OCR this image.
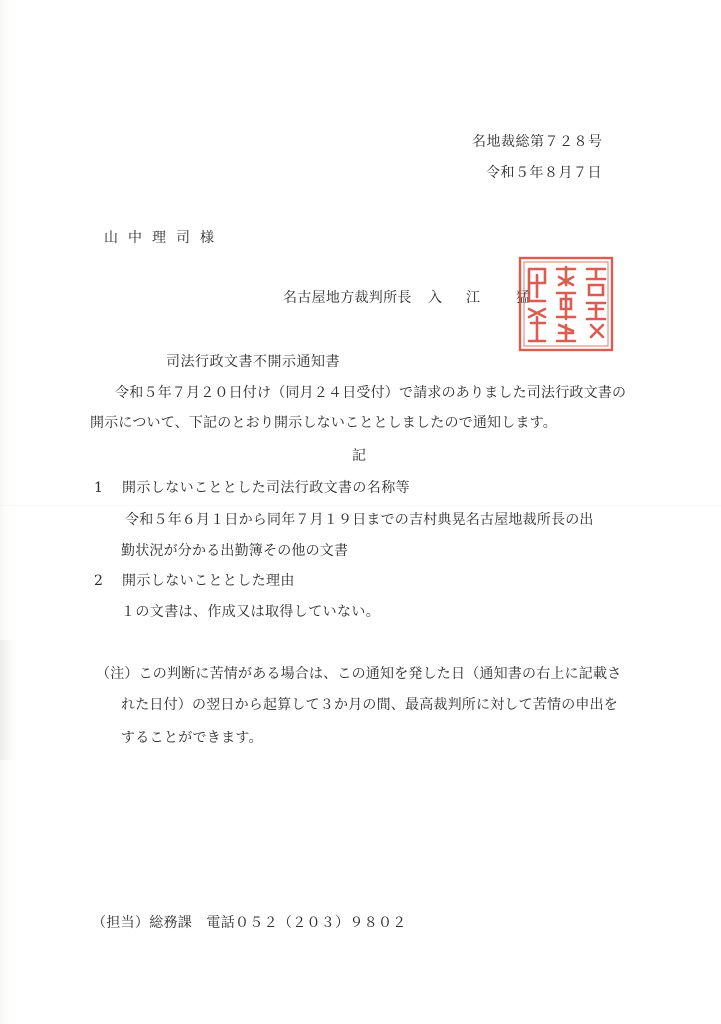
名地裁総第７２８号
令和５年８月７日
山中理司様
名古屋地方裁判所長 入 江	猛
司法行政文書不開示通知書
令和５年７月２０日付け（同月２４日受付）で請求のありました司法行政文書の
開示について、下記のとおり開示しないこととしましたので通知します。
記
1 開示しないこととした司法行政文書の名称等
令和５年６月１日から同年７月１９日までの吉村典晃名古屋地裁所長の出
勤状況が分かる出勤簿その他の文書
2 開示しないこととした理由
１の文書は、作成又は取得していない。
（注）この判断に苦情がある場合は、この通知を発した日（通知書の右上に記載さ
れた日付）の翌日から起算して３か月の間、最高裁判所に対して苦情の申出を
することができます。
（担当）総務課　電話０５２（２０３）９８０２
